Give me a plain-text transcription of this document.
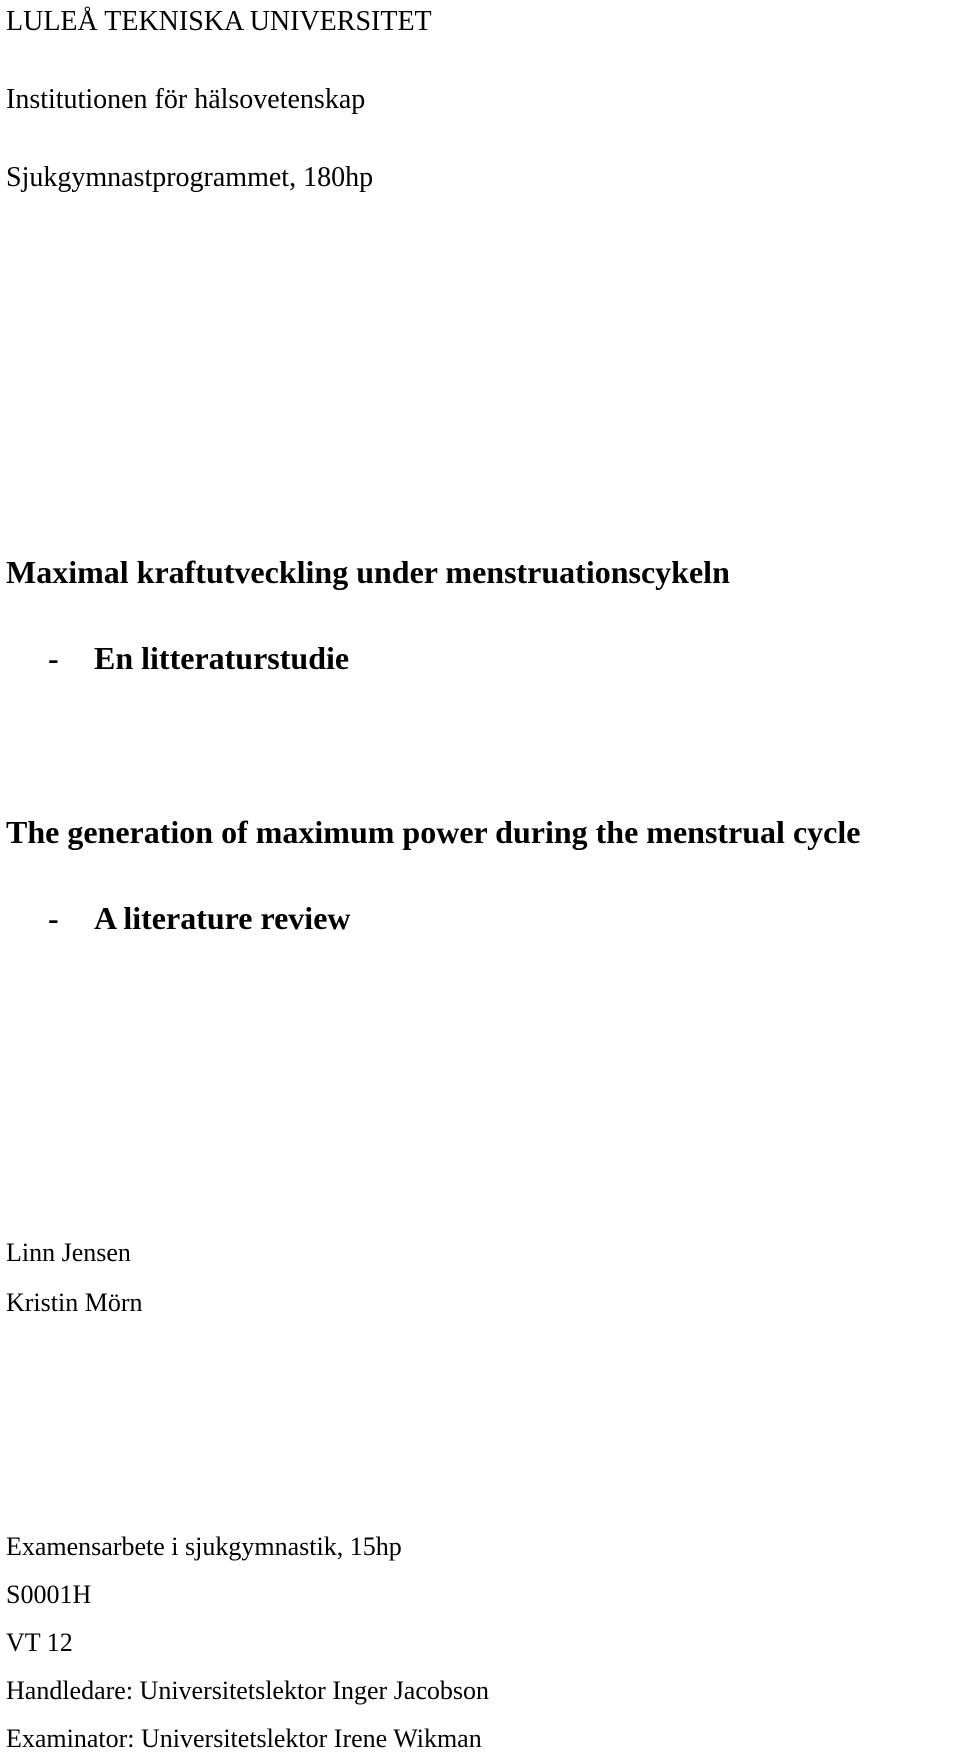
LULEÅ TEKNISKA UNIVERSITET
Institutionen för hälsovetenskap
Sjukgymnastprogrammet, 180hp
Maximal kraftutveckling under menstruationscykeln
- En litteraturstudie
The generation of maximum power during the menstrual cycle
- A literature review
Linn Jensen
Kristin Mörn
Examensarbete i sjukgymnastik, 15hp
S0001H
VT 12
Handledare: Universitetslektor Inger Jacobson
Examinator: Universitetslektor Irene Wikman
